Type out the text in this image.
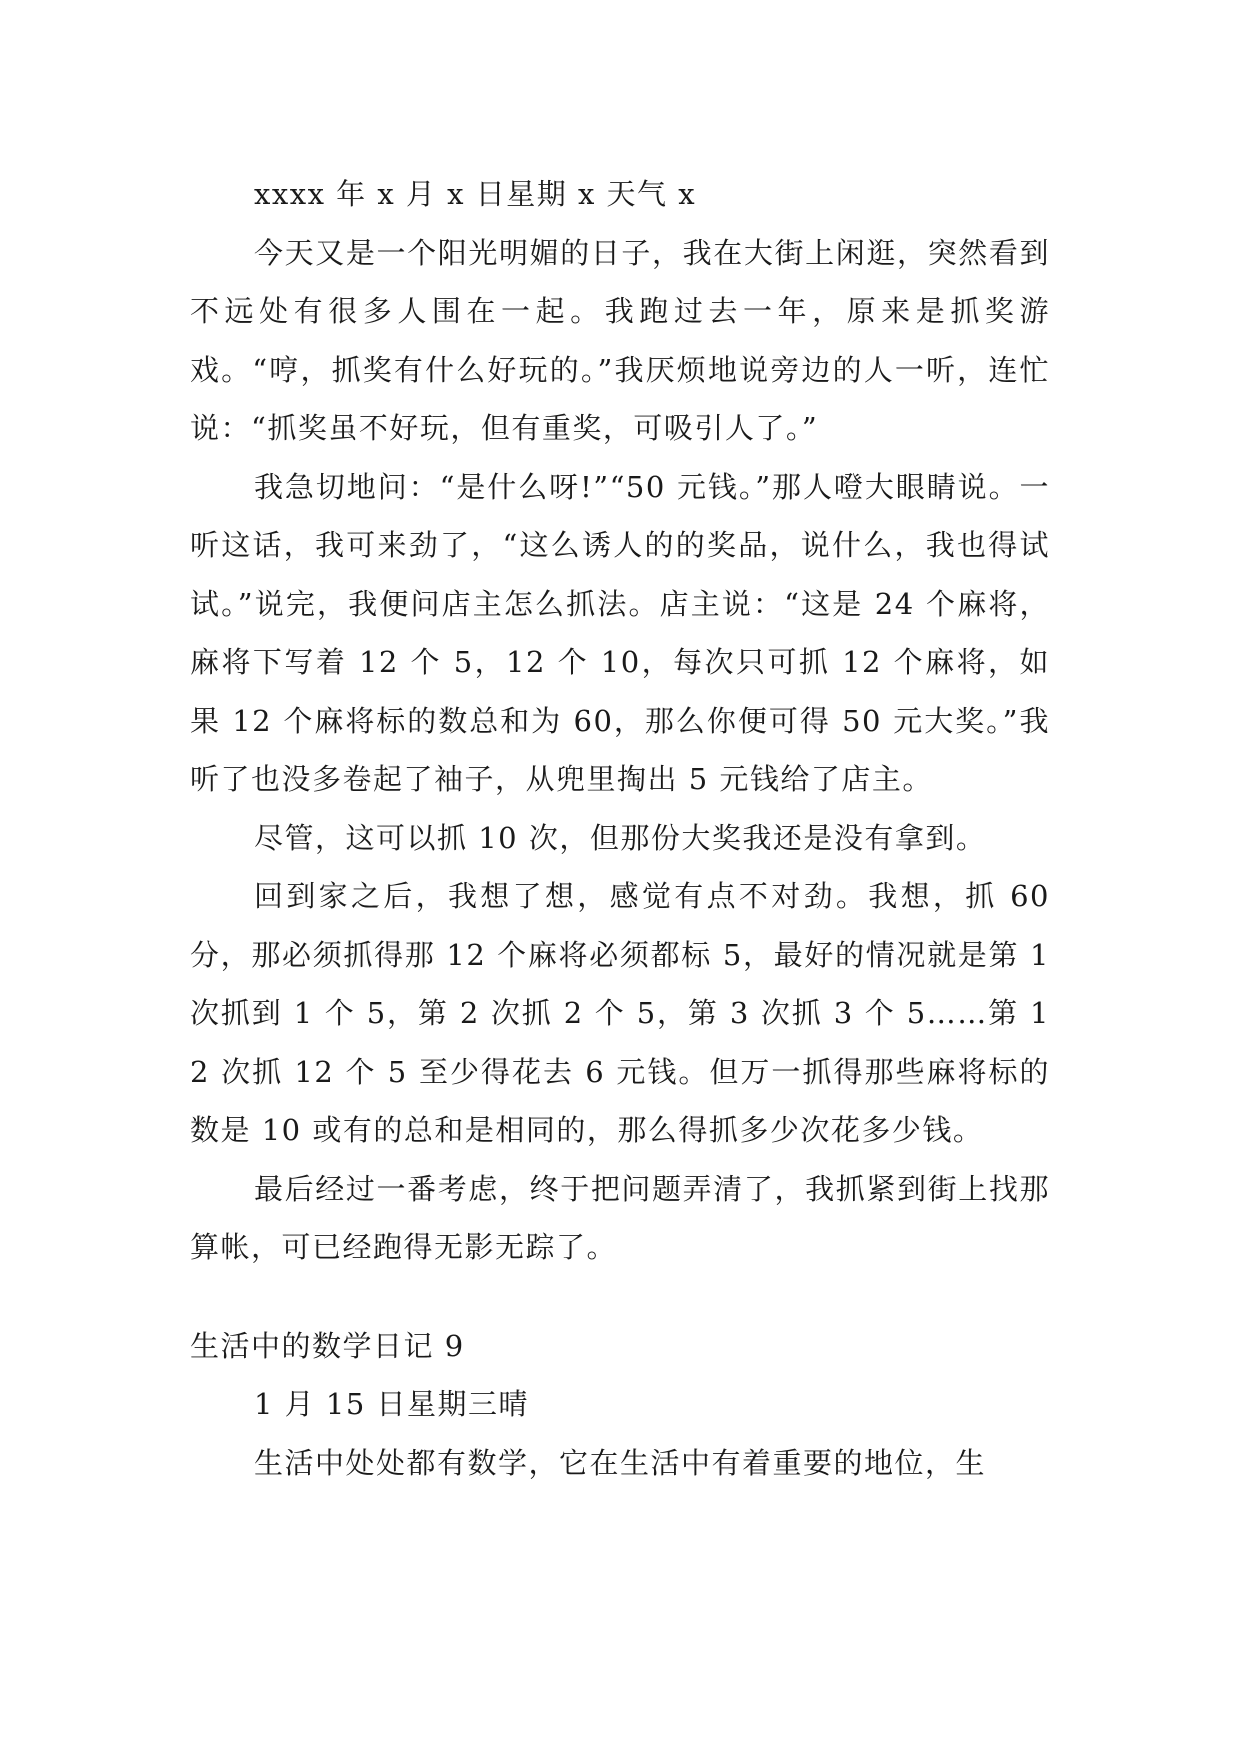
xxxx 年 x 月 x 日星期 x 天气 x

今天又是一个阳光明媚的日子，我在大街上闲逛，突然看到不远处有很多人围在一起。我跑过去一年，原来是抓奖游戏。“哼，抓奖有什么好玩的。”我厌烦地说旁边的人一听，连忙说：“抓奖虽不好玩，但有重奖，可吸引人了。”

我急切地问：“是什么呀!”“50 元钱。”那人噔大眼睛说。一听这话，我可来劲了，“这么诱人的的奖品，说什么，我也得试试。”说完，我便问店主怎么抓法。店主说：“这是 24 个麻将，麻将下写着 12 个 5，12 个 10，每次只可抓 12 个麻将，如果 12 个麻将标的数总和为 60，那么你便可得 50 元大奖。”我听了也没多卷起了袖子，从兜里掏出 5 元钱给了店主。

尽管，这可以抓 10 次，但那份大奖我还是没有拿到。

回到家之后，我想了想，感觉有点不对劲。我想，抓 60 分，那必须抓得那 12 个麻将必须都标 5，最好的情况就是第 1 次抓到 1 个 5，第 2 次抓 2 个 5，第 3 次抓 3 个 5……第 12 次抓 12 个 5 至少得花去 6 元钱。但万一抓得那些麻将标的数是 10 或有的总和是相同的，那么得抓多少次花多少钱。

最后经过一番考虑，终于把问题弄清了，我抓紧到街上找那算帐，可已经跑得无影无踪了。

生活中的数学日记 9

1 月 15 日星期三晴

生活中处处都有数学，它在生活中有着重要的地位，生
